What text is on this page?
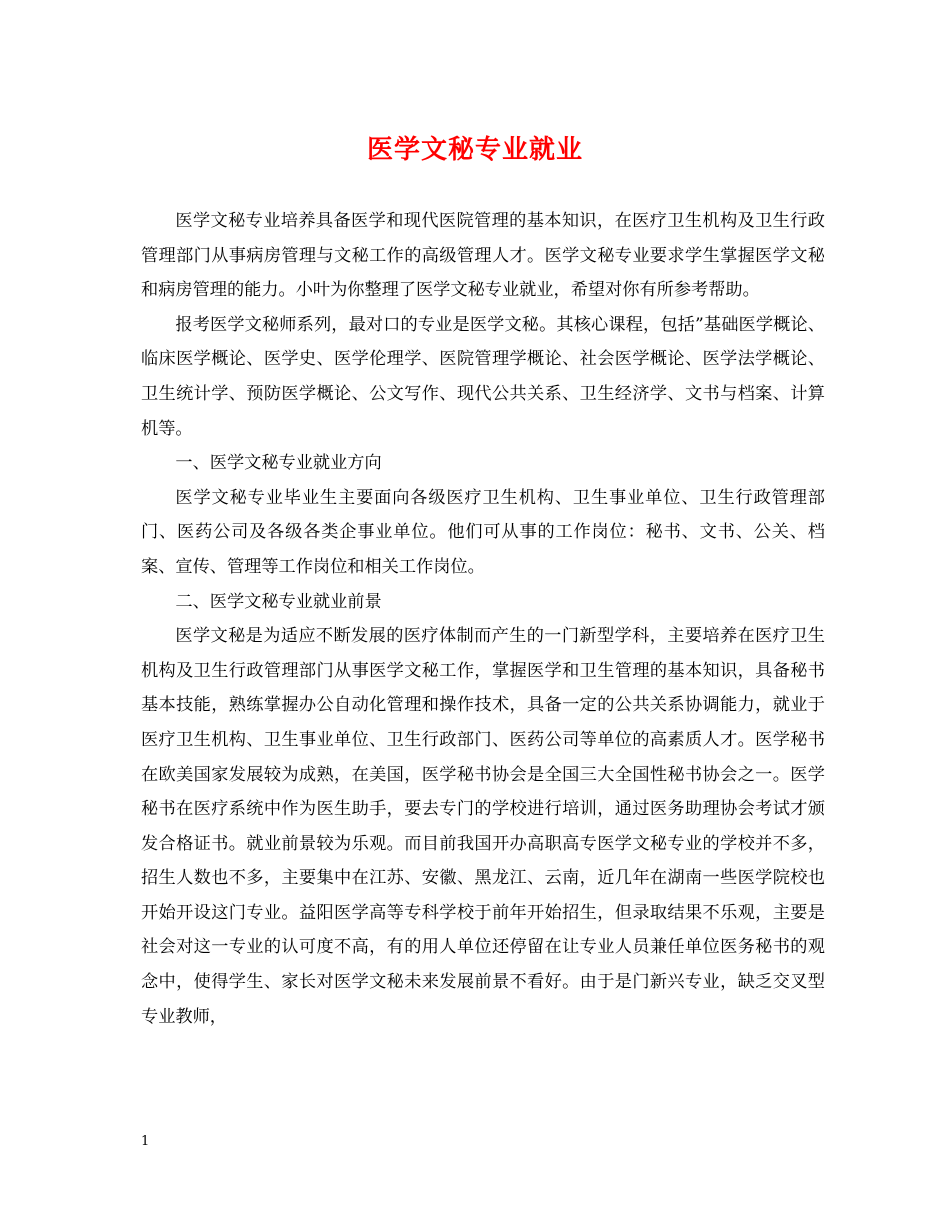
医学文秘专业就业

医学文秘专业培养具备医学和现代医院管理的基本知识，在医疗卫生机构及卫生行政管理部门从事病房管理与文秘工作的高级管理人才。医学文秘专业要求学生掌握医学文秘和病房管理的能力。小叶为你整理了医学文秘专业就业，希望对你有所参考帮助。

报考医学文秘师系列，最对口的专业是医学文秘。其核心课程，包括”基础医学概论、临床医学概论、医学史、医学伦理学、医院管理学概论、社会医学概论、医学法学概论、卫生统计学、预防医学概论、公文写作、现代公共关系、卫生经济学、文书与档案、计算机等。

一、医学文秘专业就业方向

医学文秘专业毕业生主要面向各级医疗卫生机构、卫生事业单位、卫生行政管理部门、医药公司及各级各类企事业单位。他们可从事的工作岗位：秘书、文书、公关、档案、宣传、管理等工作岗位和相关工作岗位。

二、医学文秘专业就业前景

医学文秘是为适应不断发展的医疗体制而产生的一门新型学科，主要培养在医疗卫生机构及卫生行政管理部门从事医学文秘工作，掌握医学和卫生管理的基本知识，具备秘书基本技能，熟练掌握办公自动化管理和操作技术，具备一定的公共关系协调能力，就业于医疗卫生机构、卫生事业单位、卫生行政部门、医药公司等单位的高素质人才。医学秘书在欧美国家发展较为成熟，在美国，医学秘书协会是全国三大全国性秘书协会之一。医学秘书在医疗系统中作为医生助手，要去专门的学校进行培训，通过医务助理协会考试才颁发合格证书。就业前景较为乐观。而目前我国开办高职高专医学文秘专业的学校并不多，招生人数也不多，主要集中在江苏、安徽、黑龙江、云南，近几年在湖南一些医学院校也开始开设这门专业。益阳医学高等专科学校于前年开始招生，但录取结果不乐观，主要是社会对这一专业的认可度不高，有的用人单位还停留在让专业人员兼任单位医务秘书的观念中，使得学生、家长对医学文秘未来发展前景不看好。由于是门新兴专业，缺乏交叉型专业教师，

1
